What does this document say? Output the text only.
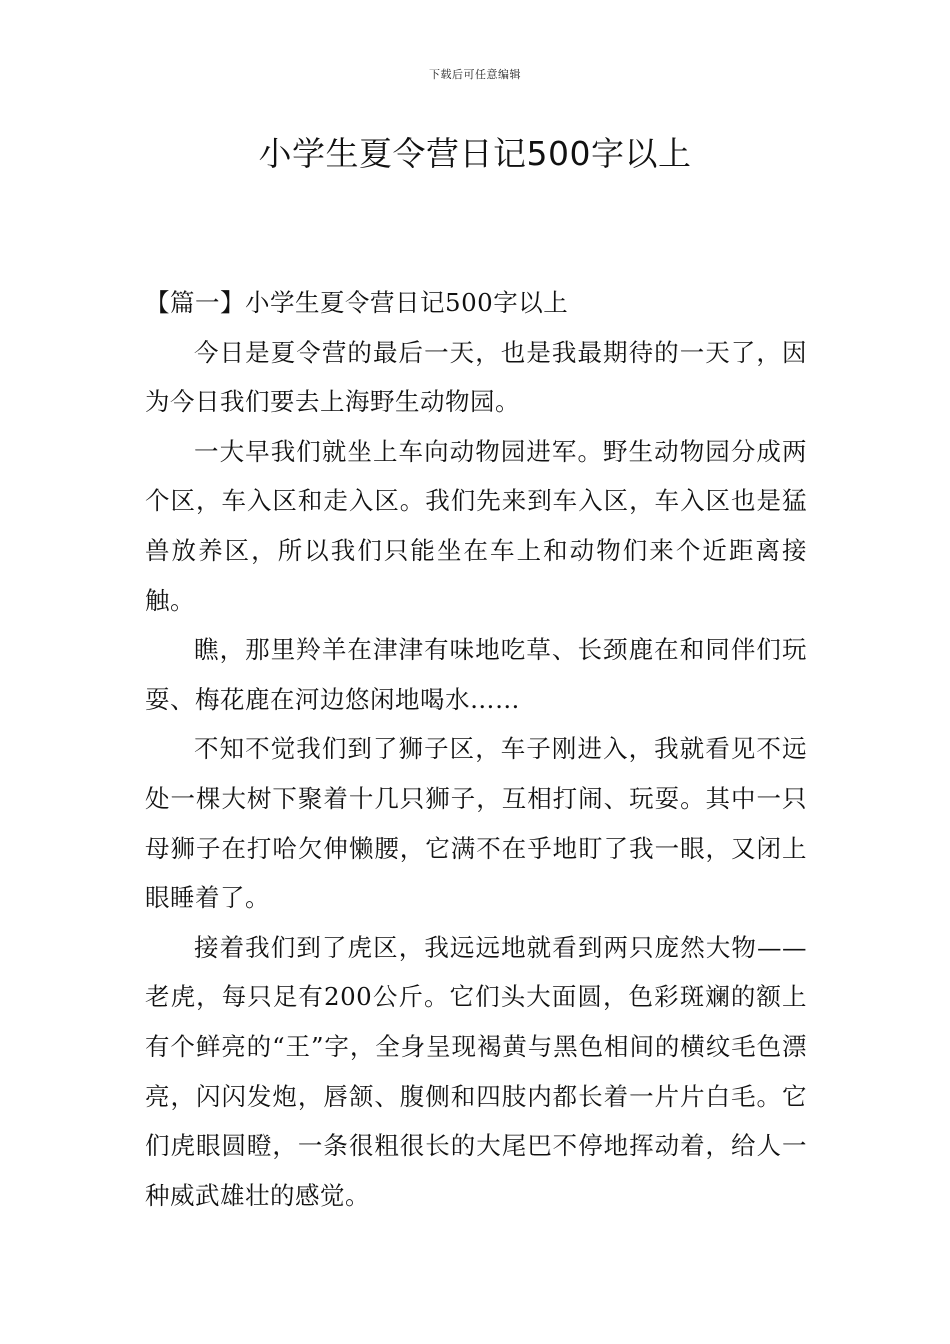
下载后可任意编辑
小学生夏令营日记500字以上

【篇一】小学生夏令营日记500字以上

今日是夏令营的最后一天，也是我最期待的一天了，因为今日我们要去上海野生动物园。

一大早我们就坐上车向动物园进军。野生动物园分成两个区，车入区和走入区。我们先来到车入区，车入区也是猛兽放养区，所以我们只能坐在车上和动物们来个近距离接触。

瞧，那里羚羊在津津有味地吃草、长颈鹿在和同伴们玩耍、梅花鹿在河边悠闲地喝水……

不知不觉我们到了狮子区，车子刚进入，我就看见不远处一棵大树下聚着十几只狮子，互相打闹、玩耍。其中一只母狮子在打哈欠伸懒腰，它满不在乎地盯了我一眼，又闭上眼睡着了。

接着我们到了虎区，我远远地就看到两只庞然大物——老虎，每只足有200公斤。它们头大面圆，色彩斑斓的额上有个鲜亮的“王”字，全身呈现褐黄与黑色相间的横纹毛色漂亮，闪闪发炮，唇颔、腹侧和四肢内都长着一片片白毛。它们虎眼圆瞪，一条很粗很长的大尾巴不停地挥动着，给人一种威武雄壮的感觉。
